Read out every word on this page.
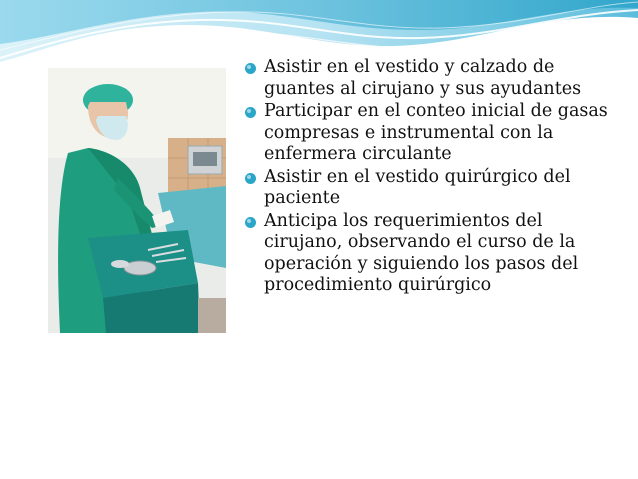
Asistir en el vestido y calzado de guantes al cirujano y sus ayudantes
Participar en el conteo inicial de gasas compresas e instrumental con la enfermera circulante
Asistir en el vestido quirúrgico del paciente
Anticipa los requerimientos del cirujano, observando el curso de la operación y siguiendo los pasos del procedimiento quirúrgico
